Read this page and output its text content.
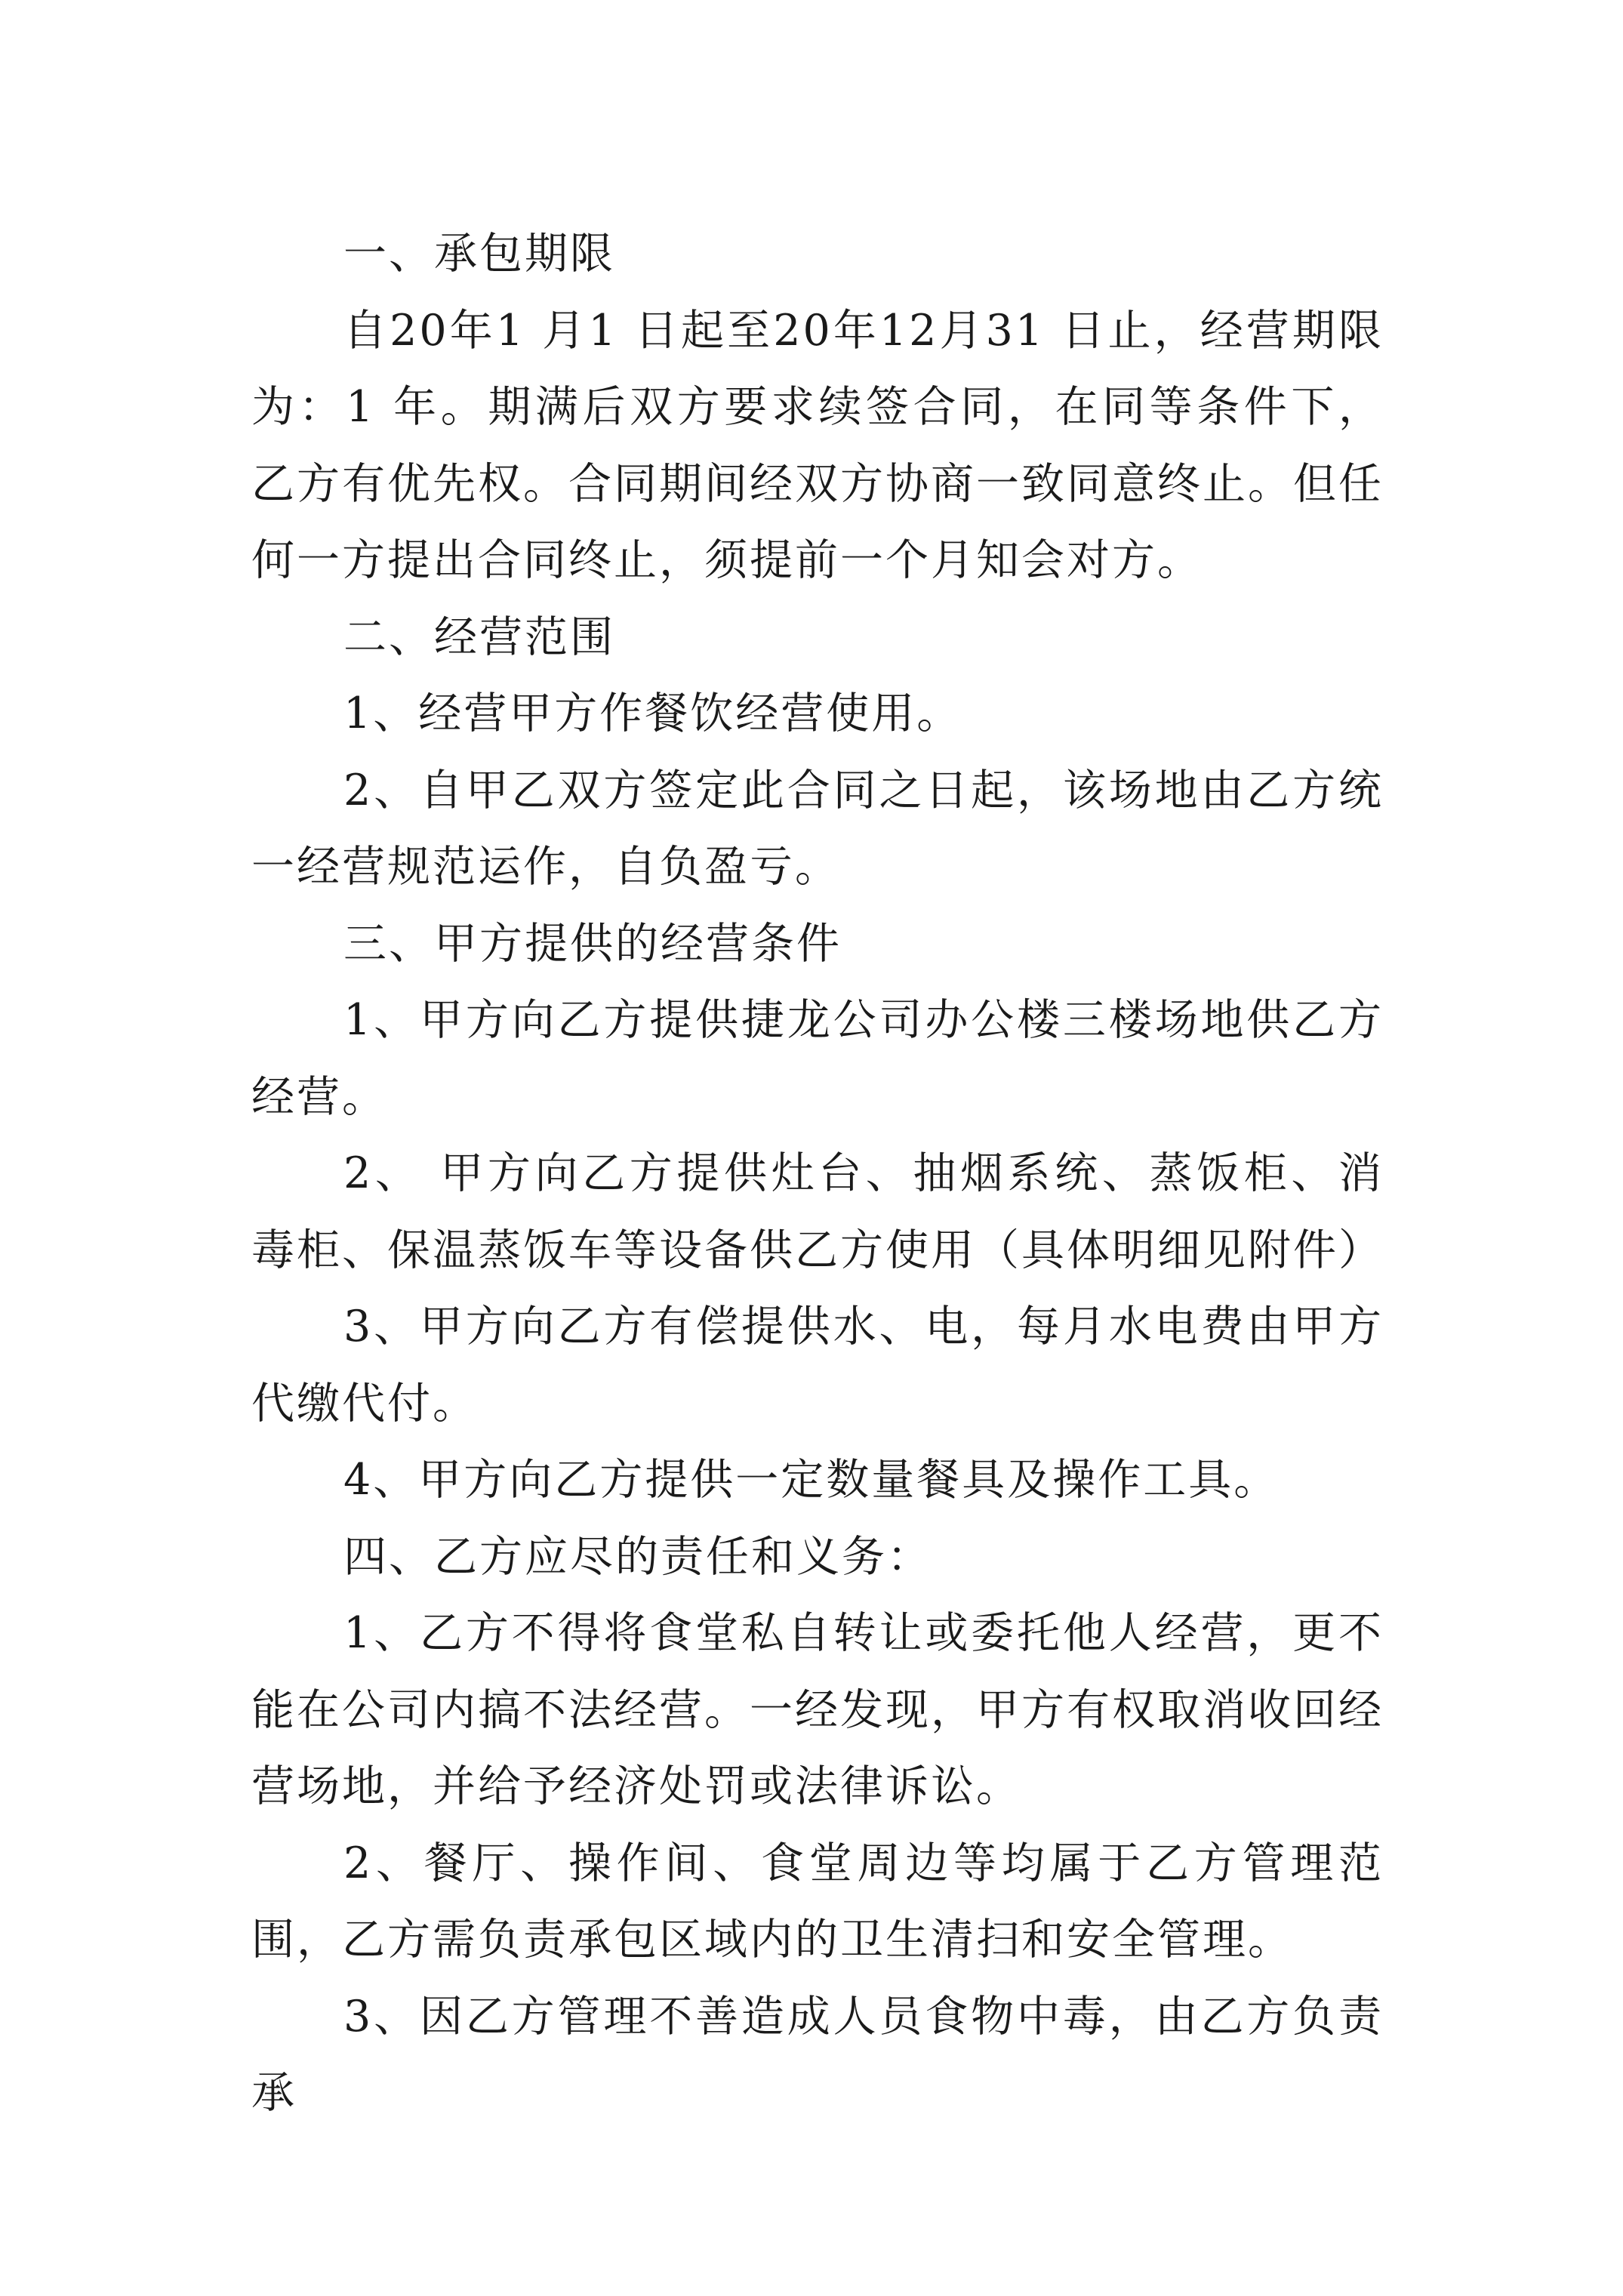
一、承包期限

自20年1 月1 日起至20年12月31 日止，经营期限为：1 年。期满后双方要求续签合同，在同等条件下，乙方有优先权。合同期间经双方协商一致同意终止。但任何一方提出合同终止，须提前一个月知会对方。

二、经营范围

1、经营甲方作餐饮经营使用。

2、自甲乙双方签定此合同之日起，该场地由乙方统一经营规范运作，自负盈亏。

三、甲方提供的经营条件

1、甲方向乙方提供捷龙公司办公楼三楼场地供乙方经营。

2、 甲方向乙方提供灶台、抽烟系统、蒸饭柜、消毒柜、保温蒸饭车等设备供乙方使用（具体明细见附件）

3、甲方向乙方有偿提供水、电，每月水电费由甲方代缴代付。

4、甲方向乙方提供一定数量餐具及操作工具。

四、乙方应尽的责任和义务：

1、乙方不得将食堂私自转让或委托他人经营，更不能在公司内搞不法经营。一经发现，甲方有权取消收回经营场地，并给予经济处罚或法律诉讼。

2、餐厅、操作间、食堂周边等均属于乙方管理范围，乙方需负责承包区域内的卫生清扫和安全管理。

3、因乙方管理不善造成人员食物中毒，由乙方负责承
